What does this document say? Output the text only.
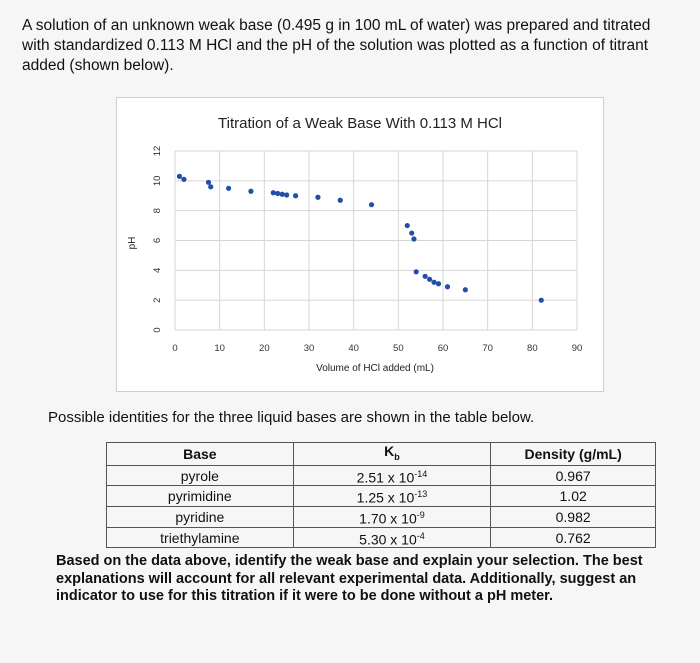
A solution of an unknown weak base (0.495 g in 100 mL of water) was prepared and titrated with standardized 0.113 M HCl and the pH of the solution was plotted as a function of titrant added (shown below).
Titration of a Weak Base With 0.113 M HCl
0
2
4
6
8
10
12
0	10	20	30	40	50	60	70	80	90
pH
Volume of HCl added (mL)
Possible identities for the three liquid bases are shown in the table below.
Base	$K_b$	Density (g/mL)
pyrole	2.51 x $10^{-14}$	0.967
pyrimidine	1.25 x $10^{-13}$	1.02
pyridine	1.70 x $10^{-9}$	0.982
triethylamine	5.30 x $10^{-4}$	0.762
Based on the data above, identify the weak base and explain your selection. The best explanations will account for all relevant experimental data. Additionally, suggest an indicator to use for this titration if it were to be done without a pH meter.
